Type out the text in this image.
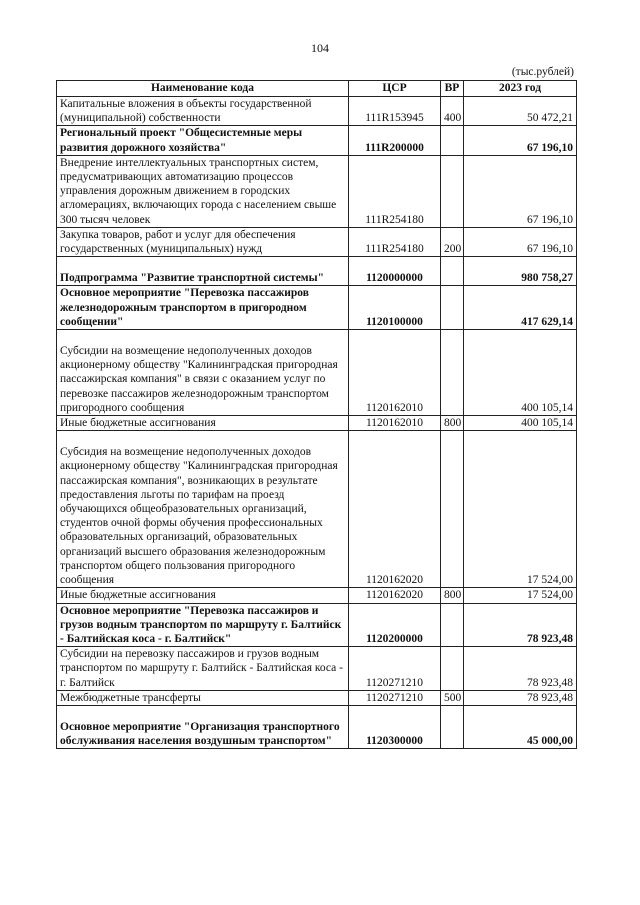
104
(тыс.рублей)
Наименование кода	ЦСР	ВР	2023 год
Капитальные вложения в объекты государственной (муниципальной) собственности	111R153945	400	50 472,21
Региональный проект "Общесистемные меры развития дорожного хозяйства"	111R200000		67 196,10
Внедрение интеллектуальных транспортных систем, предусматривающих автоматизацию процессов управления дорожным движением в городских агломерациях, включающих города с населением свыше 300 тысяч человек	111R254180		67 196,10
Закупка товаров, работ и услуг для обеспечения государственных (муниципальных) нужд	111R254180	200	67 196,10
Подпрограмма "Развитие транспортной системы"	1120000000		980 758,27
Основное мероприятие "Перевозка пассажиров железнодорожным транспортом в пригородном сообщении"	1120100000		417 629,14
Субсидии на возмещение недополученных доходов акционерному обществу "Калининградская пригородная пассажирская компания" в связи с оказанием услуг по перевозке пассажиров железнодорожным транспортом пригородного сообщения	1120162010		400 105,14
Иные бюджетные ассигнования	1120162010	800	400 105,14
Субсидия на возмещение недополученных доходов акционерному обществу "Калининградская пригородная пассажирская компания", возникающих в результате предоставления льготы по тарифам на проезд обучающихся общеобразовательных организаций, студентов очной формы обучения профессиональных образовательных организаций, образовательных организаций высшего образования железнодорожным транспортом общего пользования пригородного сообщения	1120162020		17 524,00
Иные бюджетные ассигнования	1120162020	800	17 524,00
Основное мероприятие "Перевозка пассажиров и грузов водным транспортом по маршруту г. Балтийск - Балтийская коса - г. Балтийск"	1120200000		78 923,48
Субсидии на перевозку пассажиров и грузов водным транспортом по маршруту г. Балтийск - Балтийская коса - г. Балтийск	1120271210		78 923,48
Межбюджетные трансферты	1120271210	500	78 923,48
Основное мероприятие "Организация транспортного обслуживания населения воздушным транспортом"	1120300000		45 000,00
